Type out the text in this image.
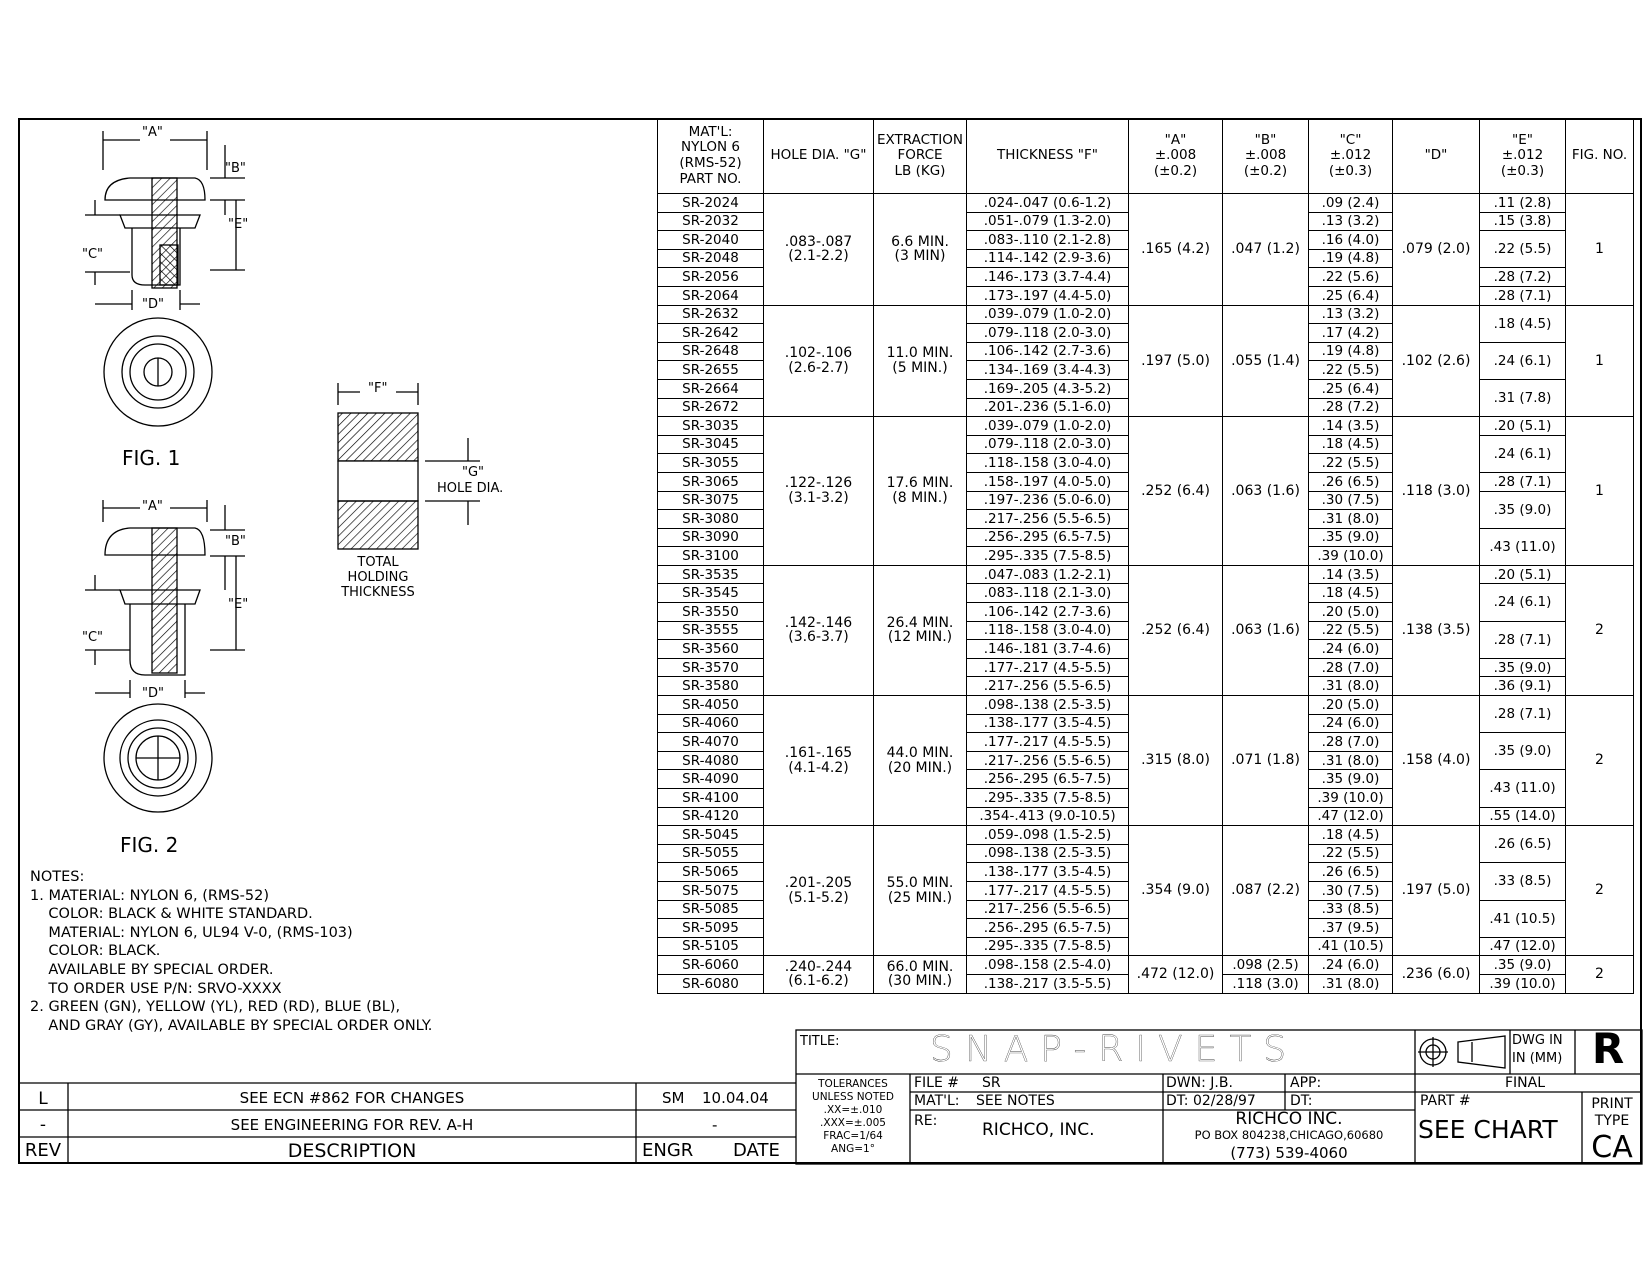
"A"
"B"
"E"
"C"
"D"
FIG. 1
"A"
"B"
"E"
"C"
"D"
FIG. 2
"F"
"G"
HOLE DIA.
TOTAL
HOLDING
THICKNESS
NOTES:
1. MATERIAL: NYLON 6, (RMS-52)
COLOR: BLACK & WHITE STANDARD.
MATERIAL: NYLON 6, UL94 V-0, (RMS-103)
COLOR: BLACK.
AVAILABLE BY SPECIAL ORDER.
TO ORDER USE P/N: SRVO-XXXX
2. GREEN (GN), YELLOW (YL), RED (RD), BLUE (BL),
AND GRAY (GY), AVAILABLE BY SPECIAL ORDER ONLY.
MAT'L:
NYLON 6
(RMS-52)
PART NO.	HOLE DIA. "G"	EXTRACTION
FORCE
LB (KG)	THICKNESS "F"	"A"
±.008
(±0.2)	"B"
±.008
(±0.2)	"C"
±.012
(±0.3)	"D"	"E"
±.012
(±0.3)	FIG. NO.
SR-2024	.083-.087
(2.1-2.2)	6.6 MIN.
(3 MIN)	.024-.047 (0.6-1.2)	.165 (4.2)	.047 (1.2)	.09 (2.4)	.079 (2.0)	.11 (2.8)	1
SR-2032			.051-.079 (1.3-2.0)			.13 (3.2)		.15 (3.8)	
SR-2040			.083-.110 (2.1-2.8)			.16 (4.0)		.22 (5.5)	
SR-2048			.114-.142 (2.9-3.6)			.19 (4.8)			
SR-2056			.146-.173 (3.7-4.4)			.22 (5.6)		.28 (7.2)	
SR-2064			.173-.197 (4.4-5.0)			.25 (6.4)		.28 (7.1)	
SR-2632	.102-.106
(2.6-2.7)	11.0 MIN.
(5 MIN.)	.039-.079 (1.0-2.0)	.197 (5.0)	.055 (1.4)	.13 (3.2)	.102 (2.6)	.18 (4.5)	1
SR-2642			.079-.118 (2.0-3.0)			.17 (4.2)			
SR-2648			.106-.142 (2.7-3.6)			.19 (4.8)		.24 (6.1)	
SR-2655			.134-.169 (3.4-4.3)			.22 (5.5)			
SR-2664			.169-.205 (4.3-5.2)			.25 (6.4)		.31 (7.8)	
SR-2672			.201-.236 (5.1-6.0)			.28 (7.2)			
SR-3035	.122-.126
(3.1-3.2)	17.6 MIN.
(8 MIN.)	.039-.079 (1.0-2.0)	.252 (6.4)	.063 (1.6)	.14 (3.5)	.118 (3.0)	.20 (5.1)	1
SR-3045			.079-.118 (2.0-3.0)			.18 (4.5)		.24 (6.1)	
SR-3055			.118-.158 (3.0-4.0)			.22 (5.5)			
SR-3065			.158-.197 (4.0-5.0)			.26 (6.5)		.28 (7.1)	
SR-3075			.197-.236 (5.0-6.0)			.30 (7.5)		.35 (9.0)	
SR-3080			.217-.256 (5.5-6.5)			.31 (8.0)			
SR-3090			.256-.295 (6.5-7.5)			.35 (9.0)		.43 (11.0)	
SR-3100			.295-.335 (7.5-8.5)			.39 (10.0)			
SR-3535	.142-.146
(3.6-3.7)	26.4 MIN.
(12 MIN.)	.047-.083 (1.2-2.1)	.252 (6.4)	.063 (1.6)	.14 (3.5)	.138 (3.5)	.20 (5.1)	2
SR-3545			.083-.118 (2.1-3.0)			.18 (4.5)		.24 (6.1)	
SR-3550			.106-.142 (2.7-3.6)			.20 (5.0)			
SR-3555			.118-.158 (3.0-4.0)			.22 (5.5)		.28 (7.1)	
SR-3560			.146-.181 (3.7-4.6)			.24 (6.0)			
SR-3570			.177-.217 (4.5-5.5)			.28 (7.0)		.35 (9.0)	
SR-3580			.217-.256 (5.5-6.5)			.31 (8.0)		.36 (9.1)	
SR-4050	.161-.165
(4.1-4.2)	44.0 MIN.
(20 MIN.)	.098-.138 (2.5-3.5)	.315 (8.0)	.071 (1.8)	.20 (5.0)	.158 (4.0)	.28 (7.1)	2
SR-4060			.138-.177 (3.5-4.5)			.24 (6.0)			
SR-4070			.177-.217 (4.5-5.5)			.28 (7.0)		.35 (9.0)	
SR-4080			.217-.256 (5.5-6.5)			.31 (8.0)			
SR-4090			.256-.295 (6.5-7.5)			.35 (9.0)		.43 (11.0)	
SR-4100			.295-.335 (7.5-8.5)			.39 (10.0)			
SR-4120			.354-.413 (9.0-10.5)			.47 (12.0)		.55 (14.0)	
SR-5045	.201-.205
(5.1-5.2)	55.0 MIN.
(25 MIN.)	.059-.098 (1.5-2.5)	.354 (9.0)	.087 (2.2)	.18 (4.5)	.197 (5.0)	.26 (6.5)	2
SR-5055			.098-.138 (2.5-3.5)			.22 (5.5)			
SR-5065			.138-.177 (3.5-4.5)			.26 (6.5)		.33 (8.5)	
SR-5075			.177-.217 (4.5-5.5)			.30 (7.5)			
SR-5085			.217-.256 (5.5-6.5)			.33 (8.5)		.41 (10.5)	
SR-5095			.256-.295 (6.5-7.5)			.37 (9.5)			
SR-5105			.295-.335 (7.5-8.5)			.41 (10.5)		.47 (12.0)	
SR-6060	.240-.244
(6.1-6.2)	66.0 MIN.
(30 MIN.)	.098-.158 (2.5-4.0)	.472 (12.0)	.098 (2.5)	.24 (6.0)	.236 (6.0)	.35 (9.0)	2
SR-6080			.138-.217 (3.5-5.5)		.118 (3.0)	.31 (8.0)		.39 (10.0)	
L	SEE ECN #862 FOR CHANGES	SM 10.04.04
-	SEE ENGINEERING FOR REV. A-H	-
REV	DESCRIPTION	ENGR DATE
TITLE:	SNAP-RIVETS	DWG IN
IN (MM) R
FINAL
TOLERANCES
UNLESS NOTED
.XX=±.010
.XXX=±.005
FRAC=1/64
ANG=1°
FILE # SR
MAT'L: SEE NOTES
RE:	RICHCO, INC.
DWN: J.B.	APP:
DT: 02/28/97 DT:
RICHCO INC.
PO BOX 804238,CHICAGO,60680
(773) 539-4060
PART #
SEE CHART
PRINT
TYPE
CA
